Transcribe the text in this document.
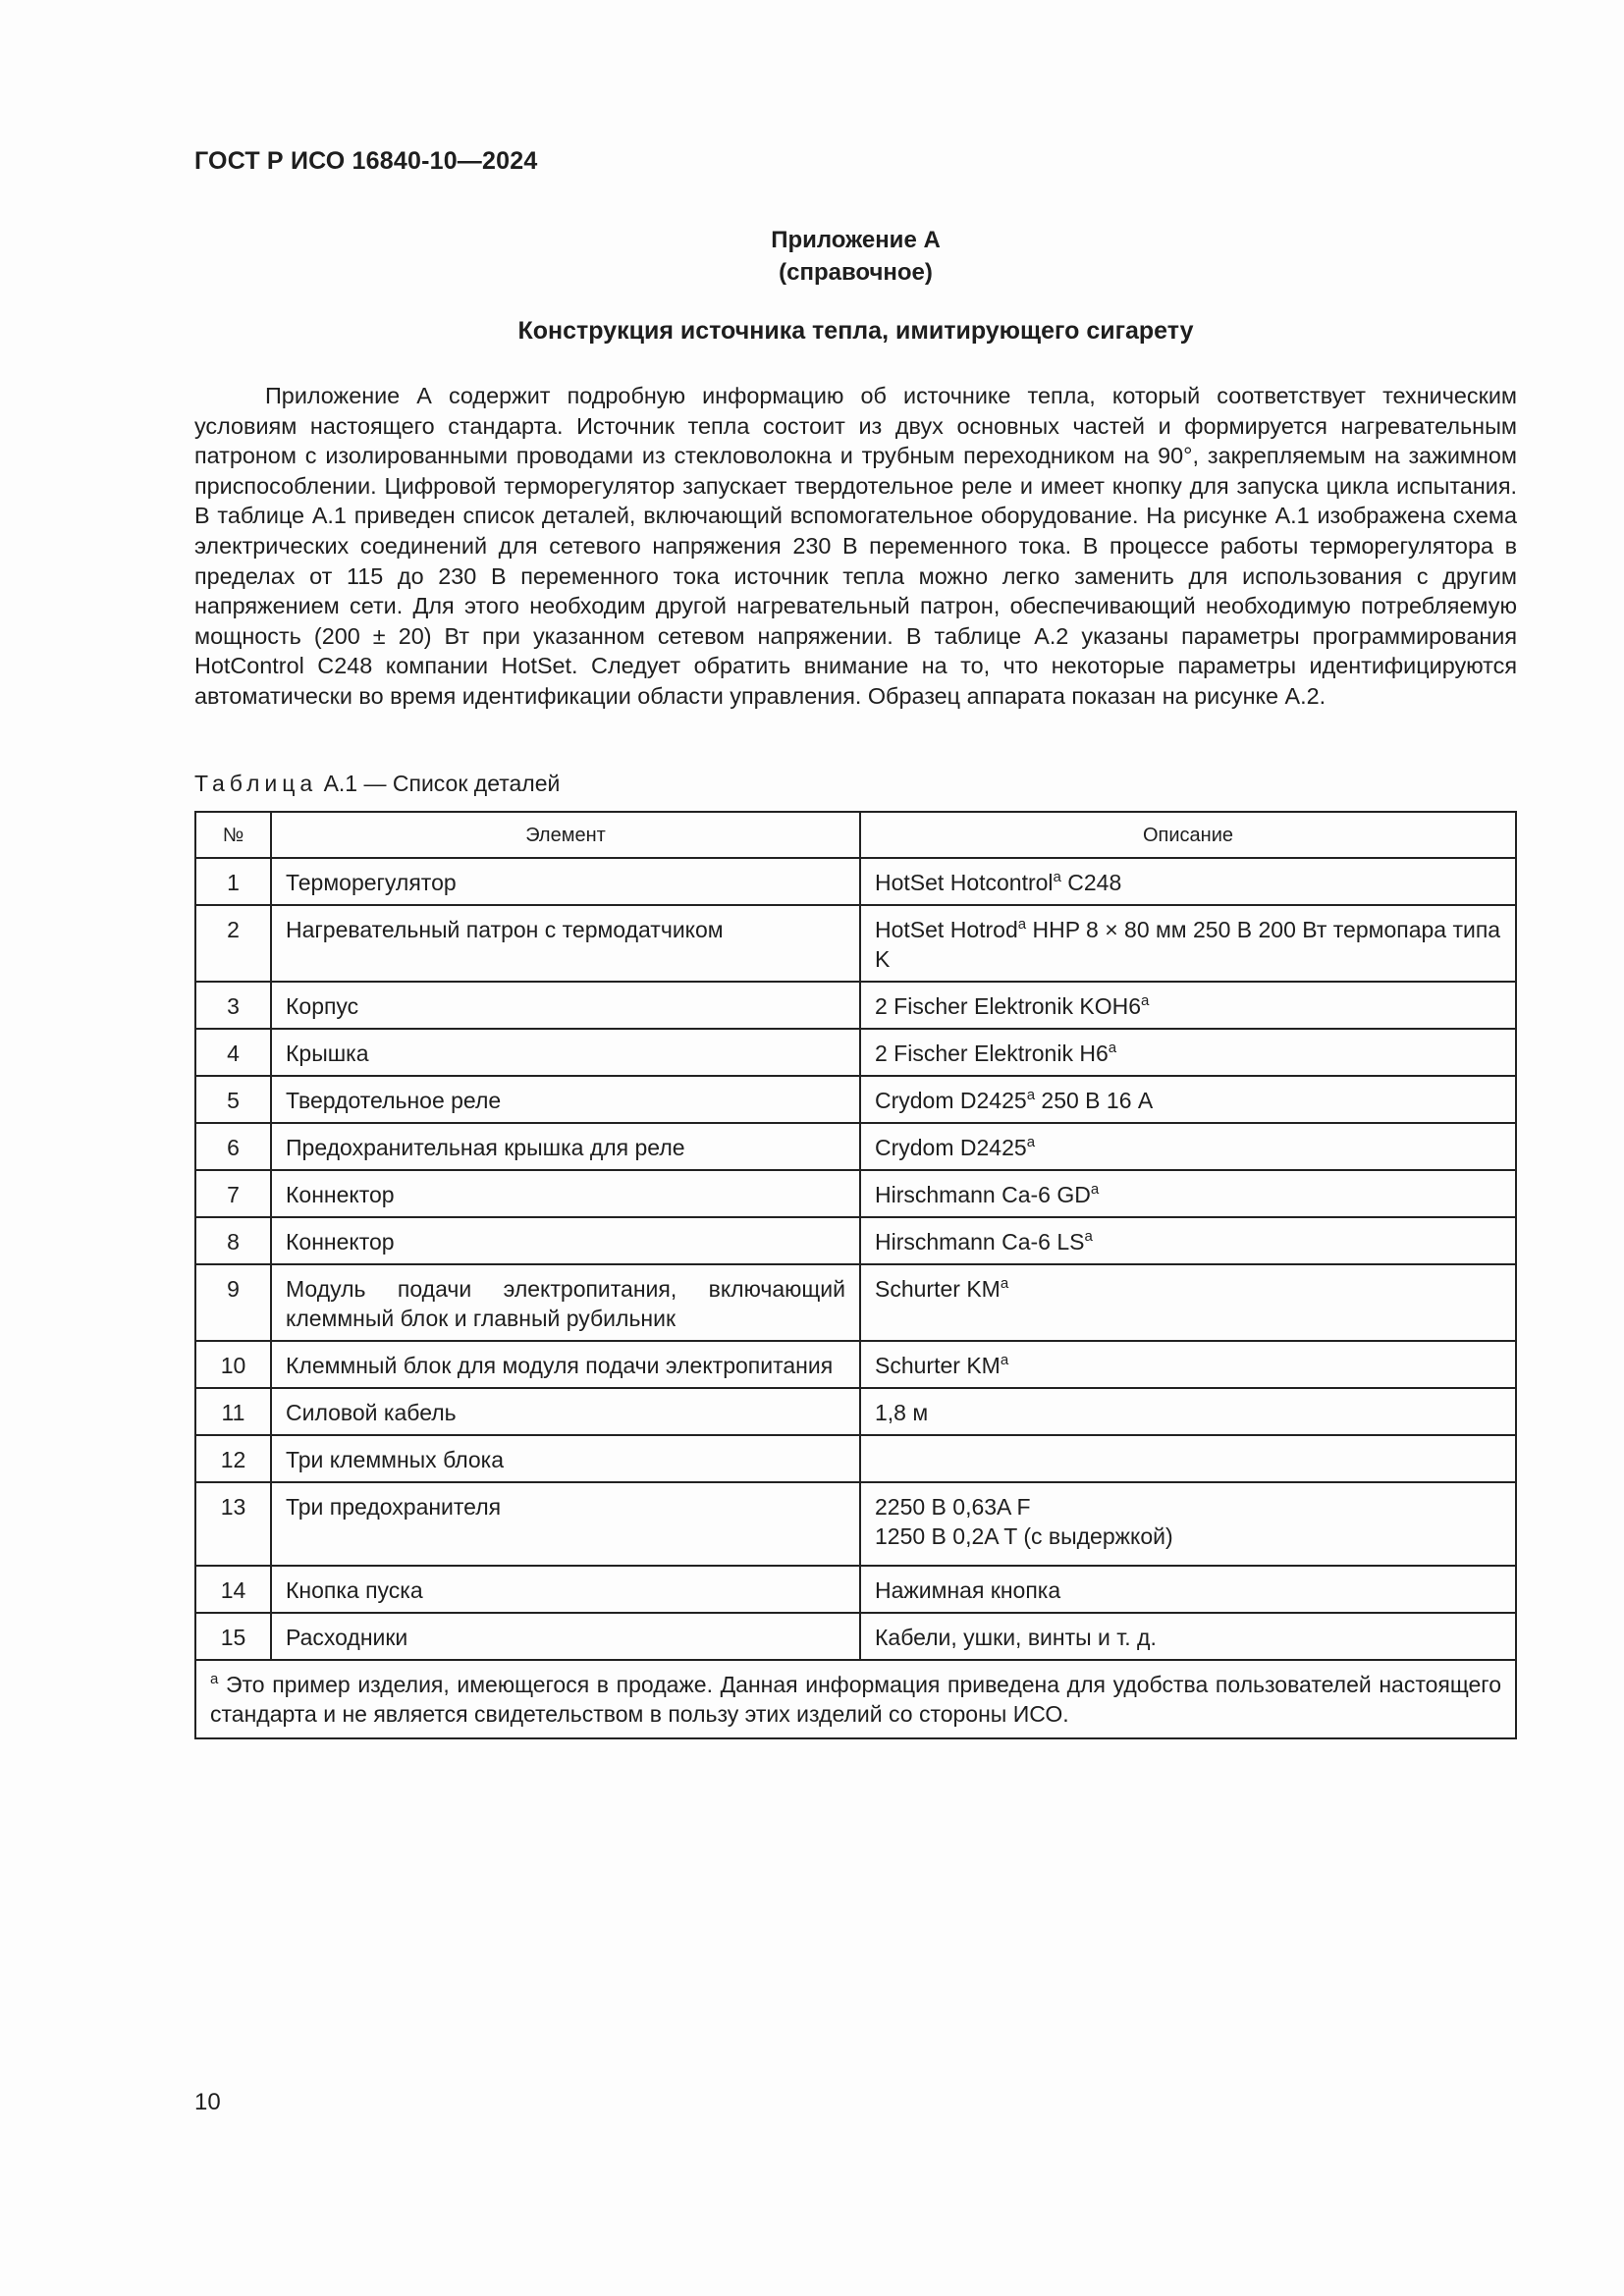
ГОСТ Р ИСО 16840-10—2024
Приложение А
(справочное)
Конструкция источника тепла, имитирующего сигарету

Приложение А содержит подробную информацию об источнике тепла, который соответствует техническим условиям настоящего стандарта. Источник тепла состоит из двух основных частей и формируется нагревательным патроном с изолированными проводами из стекловолокна и трубным переходником на 90°, закрепляемым на зажимном приспособлении. Цифровой терморегулятор запускает твердотельное реле и имеет кнопку для запуска цикла испытания. В таблице А.1 приведен список деталей, включающий вспомогательное оборудование. На рисунке А.1 изображена схема электрических соединений для сетевого напряжения 230 В переменного тока. В процессе работы терморегулятора в пределах от 115 до 230 В переменного тока источник тепла можно легко заменить для использования с другим напряжением сети. Для этого необходим другой нагревательный патрон, обеспечивающий необходимую потребляемую мощность (200 ± 20) Вт при указанном сетевом напряжении. В таблице А.2 указаны параметры программирования HotControl C248 компании HotSet. Следует обратить внимание на то, что некоторые параметры идентифицируются автоматически во время идентификации области управления. Образец аппарата показан на рисунке А.2.

Таблица А.1 — Список деталей
№	Элемент	Описание
1	Терморегулятор	HotSet Hotcontrol$^a$ C248

2	Нагревательный патрон с термодатчиком	HotSet Hotrod$^a$ HHP 8 × 80 мм 250 В 200 Вт термопара типа K

3	Корпус	2 Fischer Elektronik KOH6$^a$

4	Крышка	2 Fischer Elektronik H6$^a$

5	Твердотельное реле	Crydom D2425$^a$ 250 В 16 А

6	Предохранительная крышка для реле	Crydom D2425$^a$

7	Коннектор	Hirschmann Ca-6 $GD^a$

8	Коннектор	Hirschmann Ca-6 $LS^a$

9	Модуль подачи электропитания, включающий клеммный блок и главный рубильник	Schurter $KM^a$

10	Клеммный блок для модуля подачи электропитания	Schurter $KM^a$

11	Силовой кабель	1,8 м

12	Три клеммных блока	

13	Три предохранителя	2250 В 0,63A F
1250 В 0,2A T (с выдержкой)

14	Кнопка пуска	Нажимная кнопка

15	Расходники	Кабели, ушки, винты и т. д.

$^a$ Это пример изделия, имеющегося в продаже. Данная информация приведена для удобства пользователей настоящего стандарта и не является свидетельством в пользу этих изделий со стороны ИСО.		
10
